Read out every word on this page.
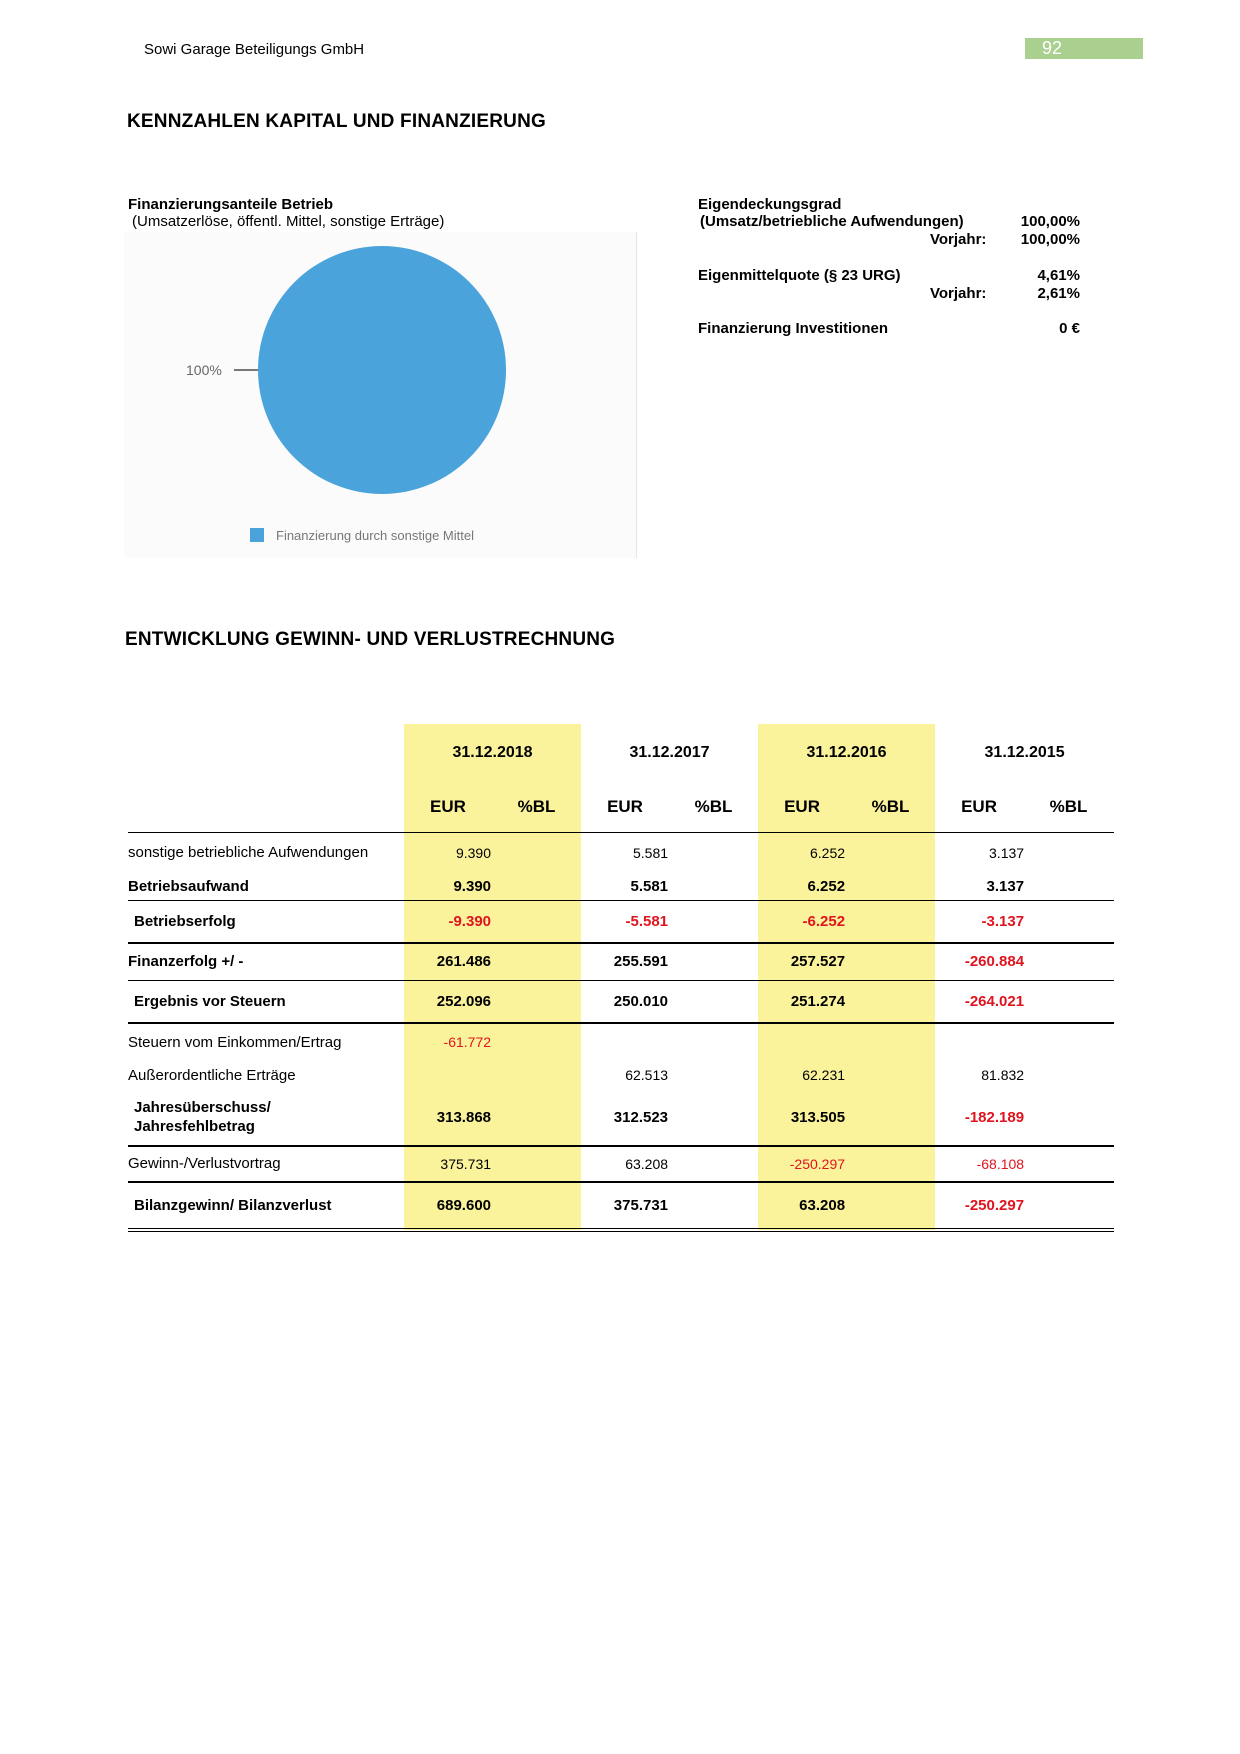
Sowi Garage Beteiligungs GmbH	92
KENNZAHLEN KAPITAL UND FINANZIERUNG
Finanzierungsanteile Betrieb
(Umsatzerlöse, öffentl. Mittel, sonstige Erträge)
100%
Finanzierung durch sonstige Mittel
Eigendeckungsgrad
(Umsatz/betriebliche Aufwendungen)	100,00%
Vorjahr:	100,00%
Eigenmittelquote (§ 23 URG)	4,61%
Vorjahr:	2,61%
Finanzierung Investitionen	0 €
ENTWICKLUNG GEWINN- UND VERLUSTRECHNUNG
	31.12.2018		31.12.2017		31.12.2016		31.12.2015	
	EUR	%BL	EUR	%BL	EUR	%BL	EUR	%BL
sonstige betriebliche Aufwendungen	9.390		5.581		6.252		3.137	
Betriebsaufwand	9.390		5.581		6.252		3.137	
Betriebserfolg	-9.390		-5.581		-6.252		-3.137	
Finanzerfolg +/ -	261.486		255.591		257.527		-260.884	
Ergebnis vor Steuern	252.096		250.010		251.274		-264.021	
Steuern vom Einkommen/Ertrag	-61.772							
Außerordentliche Erträge			62.513		62.231		81.832	

Jahresüberschuss/
Jahresfehlbetrag	313.868		312.523		313.505		-182.189	
Gewinn-/Verlustvortrag	375.731		63.208		-250.297		-68.108	
Bilanzgewinn/ Bilanzverlust	689.600		375.731		63.208		-250.297	
